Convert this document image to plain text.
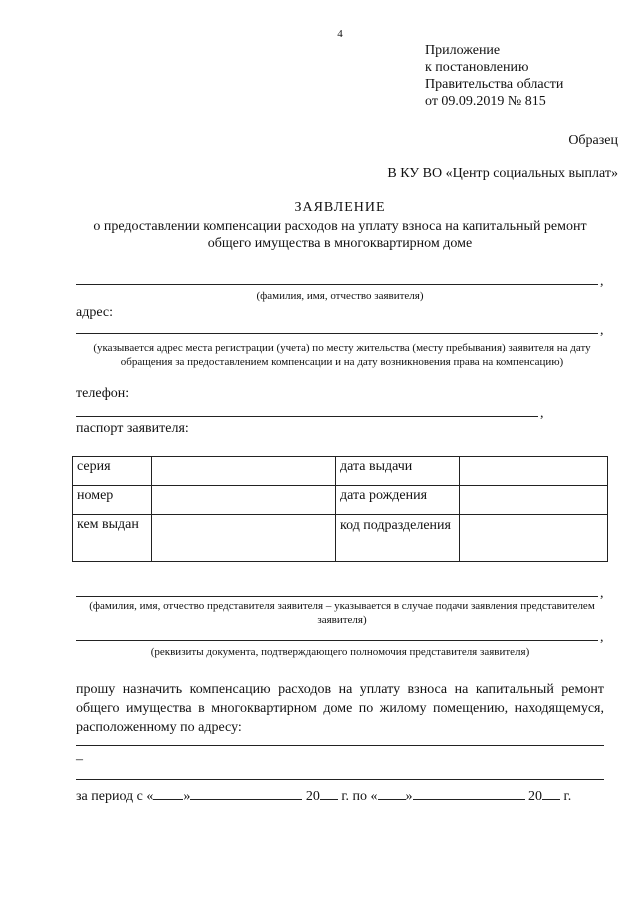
4
Приложение
к постановлению
Правительства области
от 09.09.2019 № 815
Образец
В КУ ВО «Центр социальных выплат»
ЗАЯВЛЕНИЕ
о предоставлении компенсации расходов на уплату взноса на капитальный ремонт общего имущества в многоквартирном доме
,
(фамилия, имя, отчество заявителя)
адрес:
,
(указывается адрес места регистрации (учета) по месту жительства (месту пребывания) заявителя на дату обращения за предоставлением компенсации и на дату возникновения права на компенсацию)
телефон:
,
паспорт заявителя:
серия		дата выдачи	
номер		дата рождения	
кем выдан		код подразделения	
,
(фамилия, имя, отчество представителя заявителя – указывается в случае подачи заявления представителем заявителя)
,
(реквизиты документа, подтверждающего полномочия представителя заявителя)
прошу назначить компенсацию расходов на уплату взноса на капитальный ремонт общего имущества в многоквартирном доме по жилому помещению, находящемуся, расположенному по адресу:
–
за период с « »	20 г. по « »	20 г.
